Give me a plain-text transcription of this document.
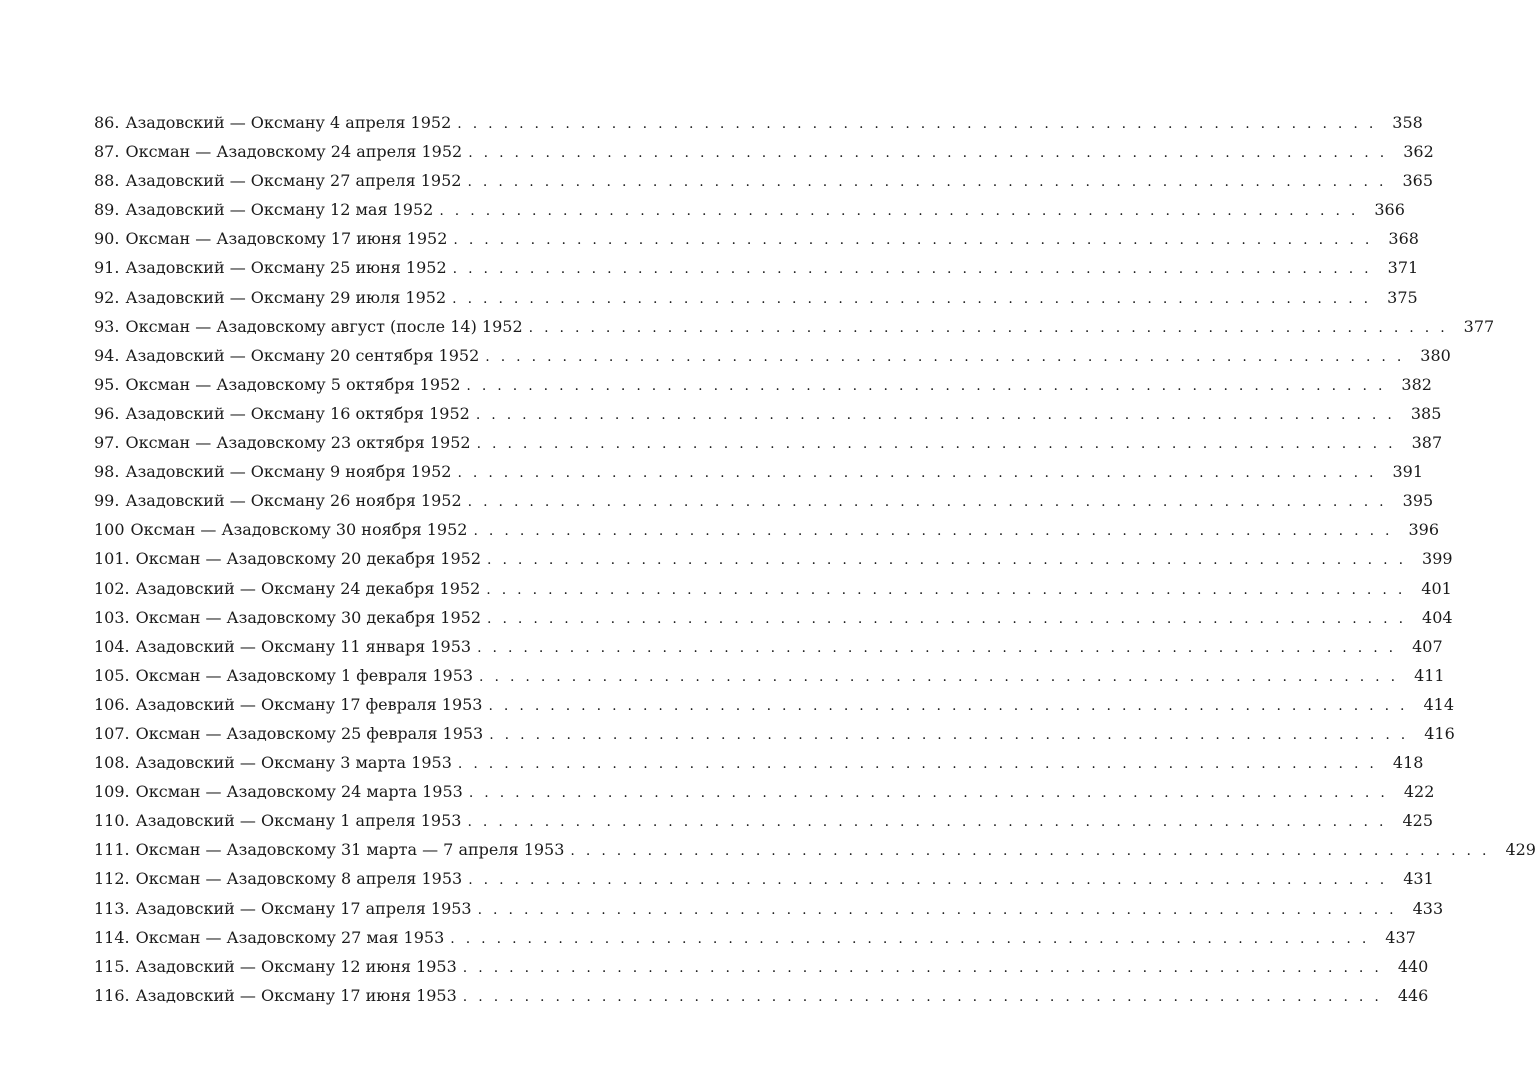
86. Азадовский — Оксману 4 апреля 1952 ............................................................ 358
87. Оксман — Азадовскому 24 апреля 1952 ............................................................ 362
88. Азадовский — Оксману 27 апреля 1952 ............................................................ 365
89. Азадовский — Оксману 12 мая 1952 ............................................................ 366
90. Оксман — Азадовскому 17 июня 1952 ............................................................ 368
91. Азадовский — Оксману 25 июня 1952 ............................................................ 371
92. Азадовский — Оксману 29 июля 1952 ............................................................ 375
93. Оксман — Азадовскому август (после 14) 1952 ............................................................ 377
94. Азадовский — Оксману 20 сентября 1952 ............................................................ 380
95. Оксман — Азадовскому 5 октября 1952 ............................................................ 382
96. Азадовский — Оксману 16 октября 1952 ............................................................ 385
97. Оксман — Азадовскому 23 октября 1952 ............................................................ 387
98. Азадовский — Оксману 9 ноября 1952 ............................................................ 391
99. Азадовский — Оксману 26 ноября 1952 ............................................................ 395
100 Оксман — Азадовскому 30 ноября 1952 ............................................................ 396
101. Оксман — Азадовскому 20 декабря 1952 ............................................................ 399
102. Азадовский — Оксману 24 декабря 1952 ............................................................ 401
103. Оксман — Азадовскому 30 декабря 1952 ............................................................ 404
104. Азадовский — Оксману 11 января 1953 ............................................................ 407
105. Оксман — Азадовскому 1 февраля 1953 ............................................................ 411
106. Азадовский — Оксману 17 февраля 1953 ............................................................ 414
107. Оксман — Азадовскому 25 февраля 1953 ............................................................ 416
108. Азадовский — Оксману 3 марта 1953 ............................................................ 418
109. Оксман — Азадовскому 24 марта 1953 ............................................................ 422
110. Азадовский — Оксману 1 апреля 1953 ............................................................ 425
111. Оксман — Азадовскому 31 марта — 7 апреля 1953 ............................................................ 429
112. Оксман — Азадовскому 8 апреля 1953 ............................................................ 431
113. Азадовский — Оксману 17 апреля 1953 ............................................................ 433
114. Оксман — Азадовскому 27 мая 1953 ............................................................ 437
115. Азадовский — Оксману 12 июня 1953 ............................................................ 440
116. Азадовский — Оксману 17 июня 1953 ............................................................ 446
